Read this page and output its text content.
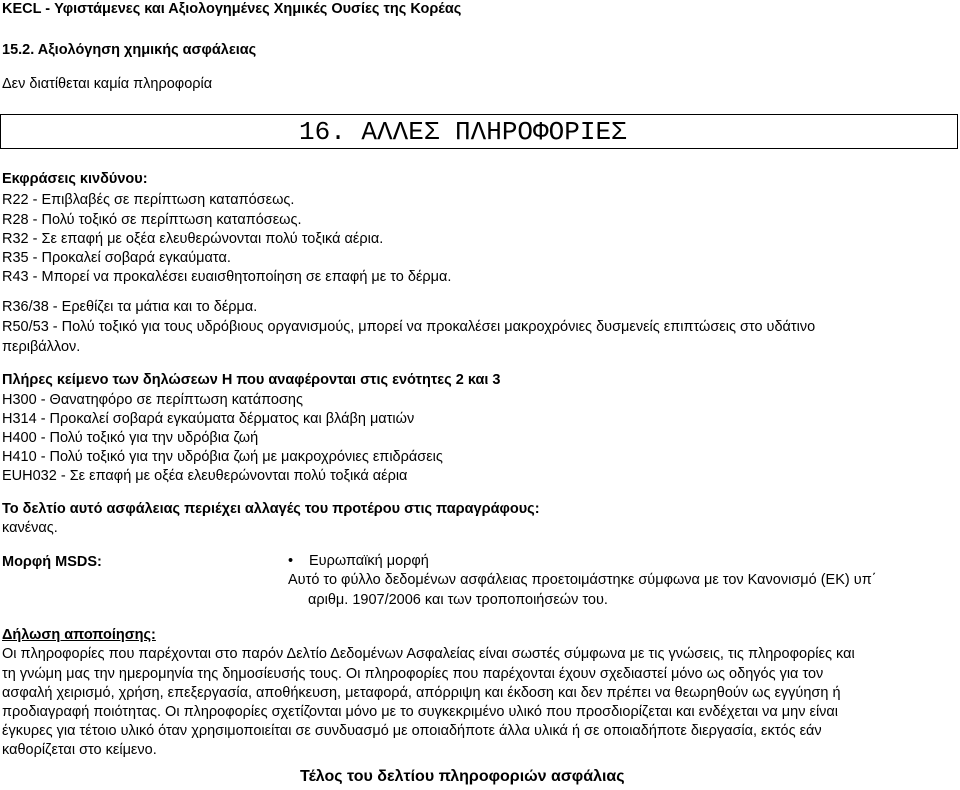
KECL - Υφιστάμενες και Αξιολογημένες Χημικές Ουσίες της Κορέας
15.2. Αξιολόγηση χημικής ασφάλειας
Δεν διατίθεται καμία πληροφορία
16. ΑΛΛΕΣ ΠΛΗΡΟΦΟΡΙΕΣ
Εκφράσεις κινδύνου:
R22 - Επιβλαβές σε περίπτωση καταπόσεως.
R28 - Πολύ τοξικό σε περίπτωση καταπόσεως.
R32 - Σε επαφή με οξέα ελευθερώνονται πολύ τοξικά αέρια.
R35 - Προκαλεί σοβαρά εγκαύματα.
R43 - Μπορεί να προκαλέσει ευαισθητοποίηση σε επαφή με το δέρμα.
R36/38 - Ερεθίζει τα μάτια και το δέρμα.
R50/53 - Πολύ τοξικό για τους υδρόβιους οργανισμούς, μπορεί να προκαλέσει μακροχρόνιες δυσμενείς επιπτώσεις στο υδάτινο
περιβάλλον.
Πλήρες κείμενο των δηλώσεων Η που αναφέρονται στις ενότητες 2 και 3
H300 - Θανατηφόρο σε περίπτωση κατάποσης
H314 - Προκαλεί σοβαρά εγκαύματα δέρματος και βλάβη ματιών
H400 - Πολύ τοξικό για την υδρόβια ζωή
H410 - Πολύ τοξικό για την υδρόβια ζωή με μακροχρόνιες επιδράσεις
EUH032 - Σε επαφή με οξέα ελευθερώνονται πολύ τοξικά αέρια
Το δελτίο αυτό ασφάλειας περιέχει αλλαγές του προτέρου στις παραγράφους:
κανένας.
Μορφή MSDS:	• Ευρωπαϊκή μορφή
Αυτό το φύλλο δεδομένων ασφάλειας προετοιμάστηκε σύμφωνα με τον Κανονισμό (ΕΚ) υπ΄
αριθμ. 1907/2006 και των τροποποιήσεών του.
Δήλωση αποποίησης:
Οι πληροφορίες που παρέχονται στο παρόν Δελτίο Δεδομένων Ασφαλείας είναι σωστές σύμφωνα με τις γνώσεις, τις πληροφορίες και
τη γνώμη μας την ημερομηνία της δημοσίευσής τους. Οι πληροφορίες που παρέχονται έχουν σχεδιαστεί μόνο ως οδηγός για τον
ασφαλή χειρισμό, χρήση, επεξεργασία, αποθήκευση, μεταφορά, απόρριψη και έκδοση και δεν πρέπει να θεωρηθούν ως εγγύηση ή
προδιαγραφή ποιότητας. Οι πληροφορίες σχετίζονται μόνο με το συγκεκριμένο υλικό που προσδιορίζεται και ενδέχεται να μην είναι
έγκυρες για τέτοιο υλικό όταν χρησιμοποιείται σε συνδυασμό με οποιαδήποτε άλλα υλικά ή σε οποιαδήποτε διεργασία, εκτός εάν
καθορίζεται στο κείμενο.
Τέλος του δελτίου πληροφοριών ασφάλιας
